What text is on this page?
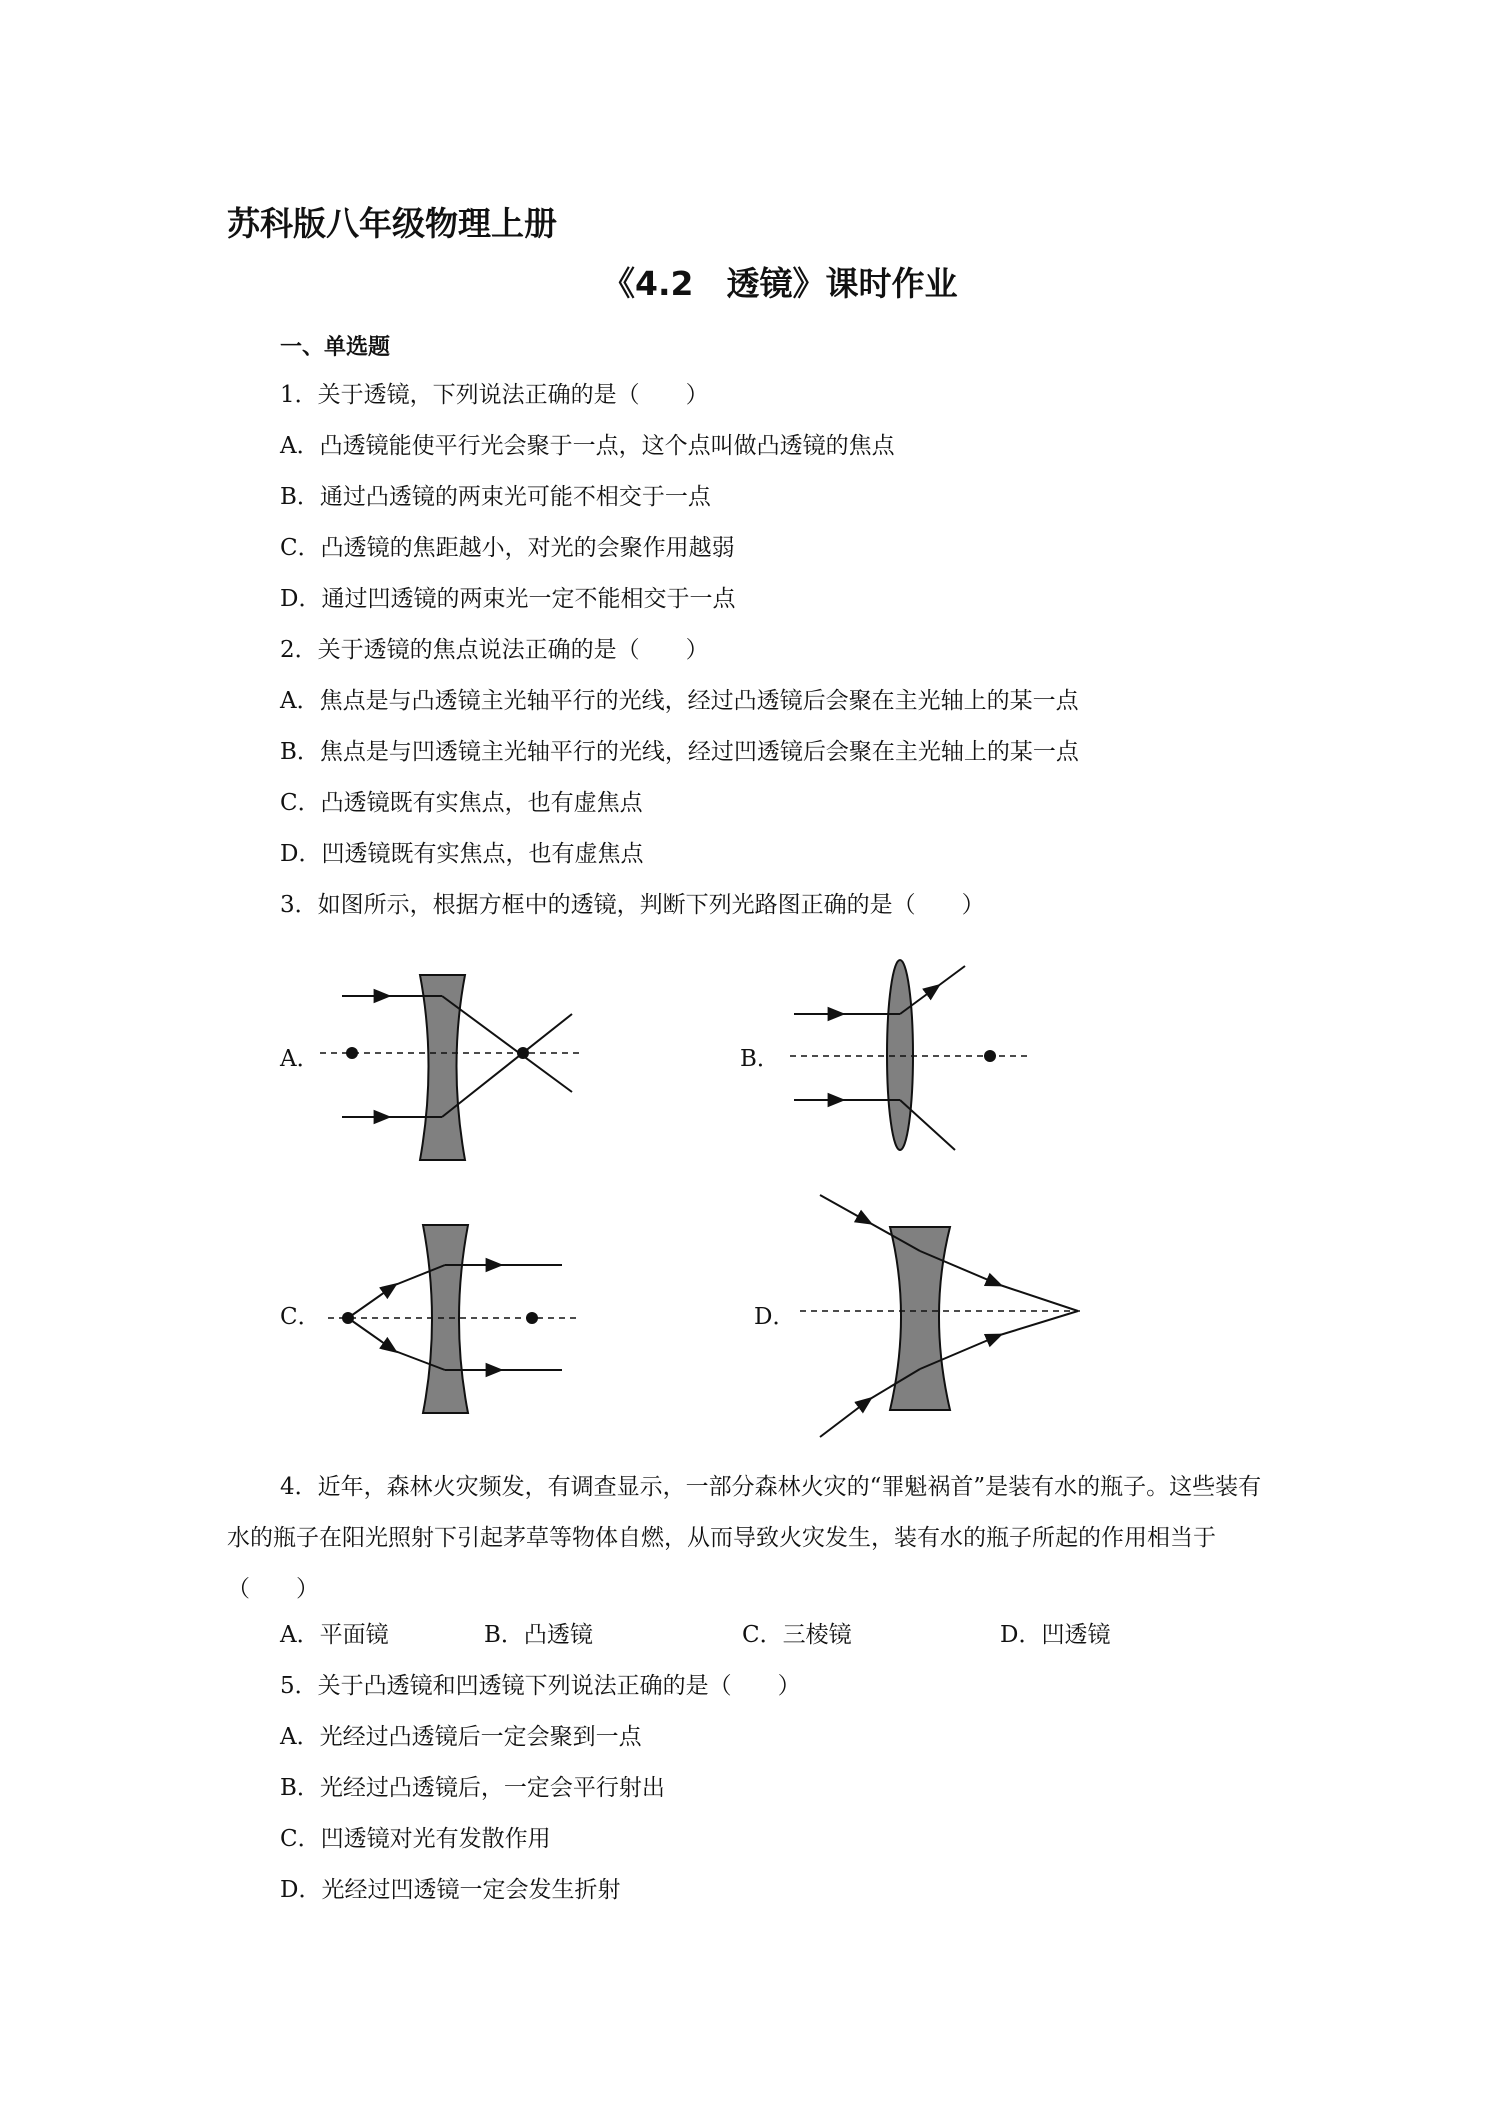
苏科版八年级物理上册
《4.2　透镜》课时作业
一、单选题
1．关于透镜，下列说法正确的是（　　）
A．凸透镜能使平行光会聚于一点，这个点叫做凸透镜的焦点
B．通过凸透镜的两束光可能不相交于一点
C．凸透镜的焦距越小，对光的会聚作用越弱
D．通过凹透镜的两束光一定不能相交于一点
2．关于透镜的焦点说法正确的是（　　）
A．焦点是与凸透镜主光轴平行的光线，经过凸透镜后会聚在主光轴上的某一点
B．焦点是与凹透镜主光轴平行的光线，经过凹透镜后会聚在主光轴上的某一点
C．凸透镜既有实焦点，也有虚焦点
D．凹透镜既有实焦点，也有虚焦点
3．如图所示，根据方框中的透镜，判断下列光路图正确的是（　　）
A．	B．
C．	D．
4．近年，森林火灾频发，有调查显示，一部分森林火灾的“罪魁祸首”是装有水的瓶子。这些装有水的瓶子在阳光照射下引起茅草等物体自燃，从而导致火灾发生，装有水的瓶子所起的作用相当于（　　）
A．平面镜	B．凸透镜	C．三棱镜	D．凹透镜
5．关于凸透镜和凹透镜下列说法正确的是（　　）
A．光经过凸透镜后一定会聚到一点
B．光经过凸透镜后，一定会平行射出
C．凹透镜对光有发散作用
D．光经过凹透镜一定会发生折射
